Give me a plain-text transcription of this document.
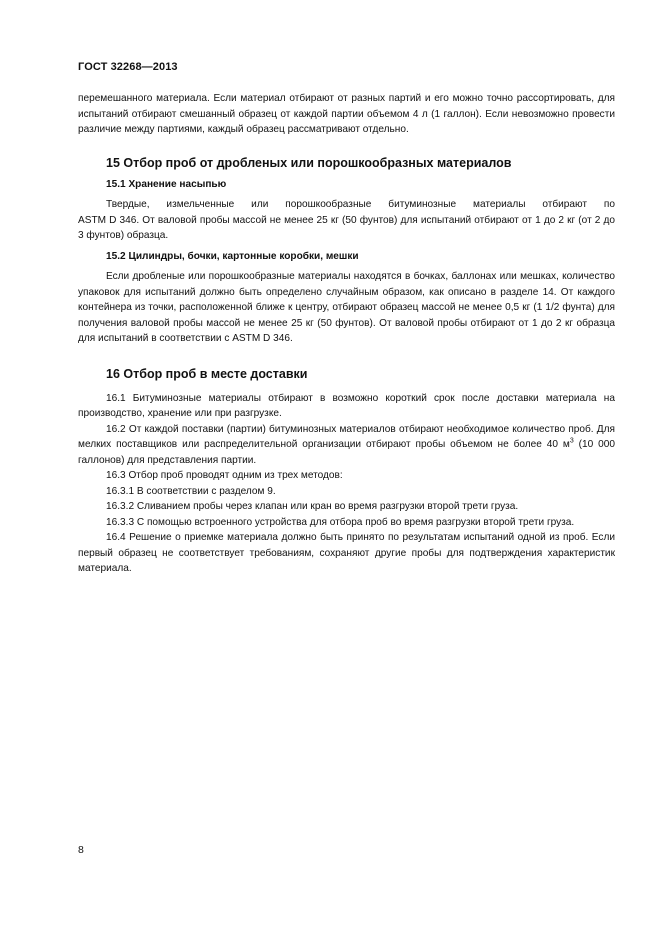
ГОСТ 32268—2013

перемешанного материала. Если материал отбирают от разных партий и его можно точно рассортировать, для испытаний отбирают смешанный образец от каждой партии объемом 4 л (1 галлон). Если невозможно провести различие между партиями, каждый образец рассматривают отдельно.

15 Отбор проб от дробленых или порошкообразных материалов
15.1 Хранение насыпью

Твердые, измельченные или порошкообразные битуминозные материалы отбирают по

ASTM D 346. От валовой пробы массой не менее 25 кг (50 фунтов) для испытаний отбирают от 1 до 2 кг (от 2 до 3 фунтов) образца.

15.2 Цилиндры, бочки, картонные коробки, мешки

Если дробленые или порошкообразные материалы находятся в бочках, баллонах или мешках, количество упаковок для испытаний должно быть определено случайным образом, как описано в разделе 14. От каждого контейнера из точки, расположенной ближе к центру, отбирают образец массой не менее 0,5 кг (1 1/2 фунта) для получения валовой пробы массой не менее 25 кг (50 фунтов). От валовой пробы отбирают от 1 до 2 кг образца для испытаний в соответствии с ASTM D 346.

16 Отбор проб в месте доставки

16.1 Битуминозные материалы отбирают в возможно короткий срок после доставки материала на производство, хранение или при разгрузке.

16.2 От каждой поставки (партии) битуминозных материалов отбирают необходимое количество проб. Для мелких поставщиков или распределительной организации отбирают пробы объемом не более 40 $м^3$ (10 000 галлонов) для представления партии.

16.3 Отбор проб проводят одним из трех методов:

16.3.1 В соответствии с разделом 9.

16.3.2 Сливанием пробы через клапан или кран во время разгрузки второй трети груза.

16.3.3 С помощью встроенного устройства для отбора проб во время разгрузки второй трети груза.

16.4 Решение о приемке материала должно быть принято по результатам испытаний одной из проб. Если первый образец не соответствует требованиям, сохраняют другие пробы для подтверждения характеристик материала.

8
